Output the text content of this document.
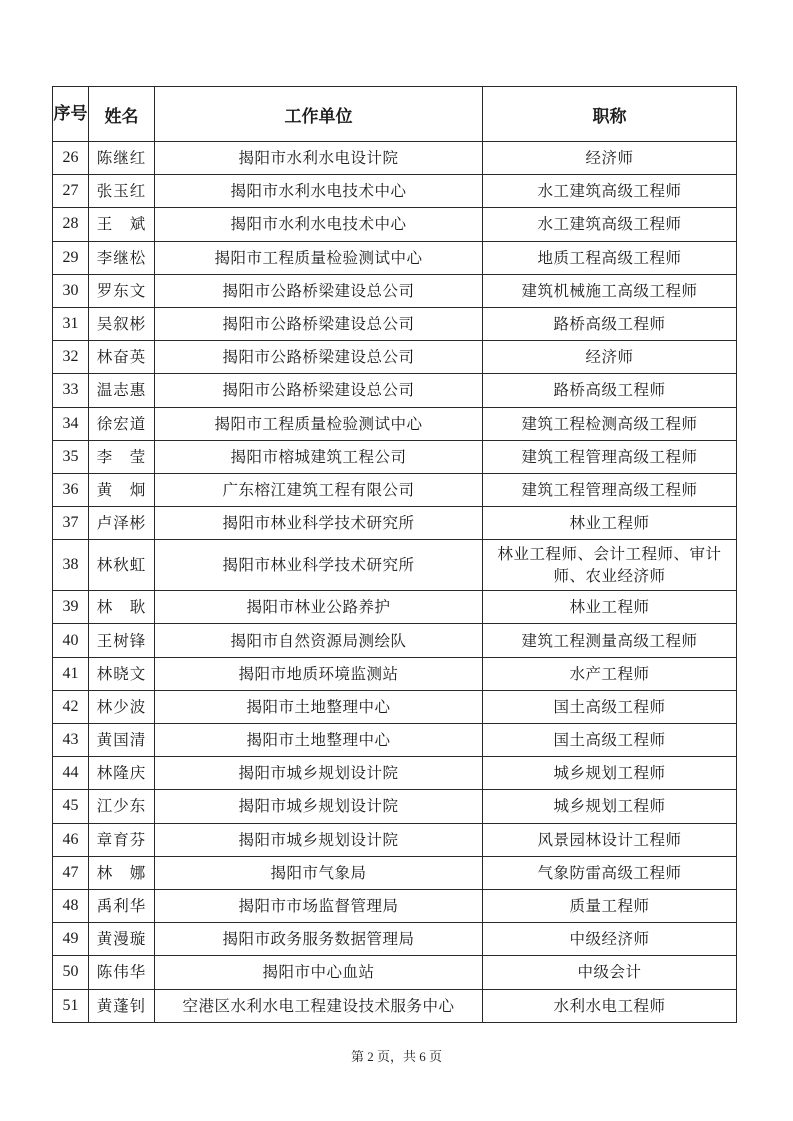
序号	姓名	工作单位	职称
26	陈继红	揭阳市水利水电设计院	经济师
27	张玉红	揭阳市水利水电技术中心	水工建筑高级工程师
28	王　斌	揭阳市水利水电技术中心	水工建筑高级工程师
29	李继松	揭阳市工程质量检验测试中心	地质工程高级工程师
30	罗东文	揭阳市公路桥梁建设总公司	建筑机械施工高级工程师
31	吴叙彬	揭阳市公路桥梁建设总公司	路桥高级工程师
32	林奋英	揭阳市公路桥梁建设总公司	经济师
33	温志惠	揭阳市公路桥梁建设总公司	路桥高级工程师
34	徐宏道	揭阳市工程质量检验测试中心	建筑工程检测高级工程师
35	李　莹	揭阳市榕城建筑工程公司	建筑工程管理高级工程师
36	黄　炯	广东榕江建筑工程有限公司	建筑工程管理高级工程师
37	卢泽彬	揭阳市林业科学技术研究所	林业工程师
38	林秋虹	揭阳市林业科学技术研究所	林业工程师、会计工程师、审计师、农业经济师
39	林　耿	揭阳市林业公路养护	林业工程师
40	王树锋	揭阳市自然资源局测绘队	建筑工程测量高级工程师
41	林晓文	揭阳市地质环境监测站	水产工程师
42	林少波	揭阳市土地整理中心	国土高级工程师
43	黄国清	揭阳市土地整理中心	国土高级工程师
44	林隆庆	揭阳市城乡规划设计院	城乡规划工程师
45	江少东	揭阳市城乡规划设计院	城乡规划工程师
46	章育芬	揭阳市城乡规划设计院	风景园林设计工程师
47	林　娜	揭阳市气象局	气象防雷高级工程师
48	禹利华	揭阳市市场监督管理局	质量工程师
49	黄漫璇	揭阳市政务服务数据管理局	中级经济师
50	陈伟华	揭阳市中心血站	中级会计
51	黄蓬钊	空港区水利水电工程建设技术服务中心	水利水电工程师
第 2 页，共 6 页
